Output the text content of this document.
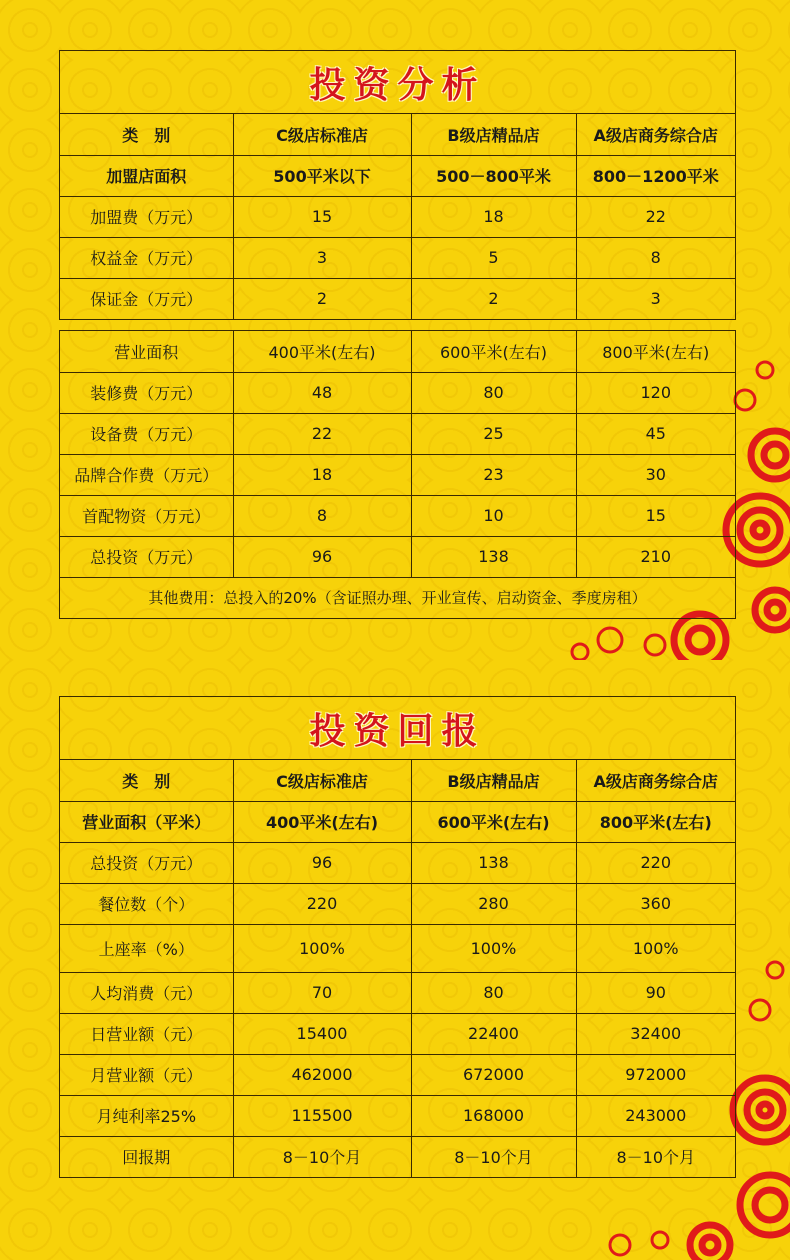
投资分析
类　别	C级店标准店	B级店精品店	A级店商务综合店
加盟店面积	500平米以下	500－800平米	800－1200平米
加盟费（万元）	15	18	22
权益金（万元）	3	5	8
保证金（万元）	2	2	3
营业面积	400平米(左右)	600平米(左右)	800平米(左右)
装修费（万元）	48	80	120
设备费（万元）	22	25	45
品牌合作费（万元）	18	23	30
首配物资（万元）	8	10	15
总投资（万元）	96	138	210
其他费用：总投入的20%（含证照办理、开业宣传、启动资金、季度房租）			
投资回报
类　别	C级店标准店	B级店精品店	A级店商务综合店
营业面积（平米）	400平米(左右)	600平米(左右)	800平米(左右)
总投资（万元）	96	138	220
餐位数（个）	220	280	360
上座率（%）	100%	100%	100%
人均消费（元）	70	80	90
日营业额（元）	15400	22400	32400
月营业额（元）	462000	672000	972000
月纯利率25%	115500	168000	243000
回报期	8－10个月	8－10个月	8－10个月
